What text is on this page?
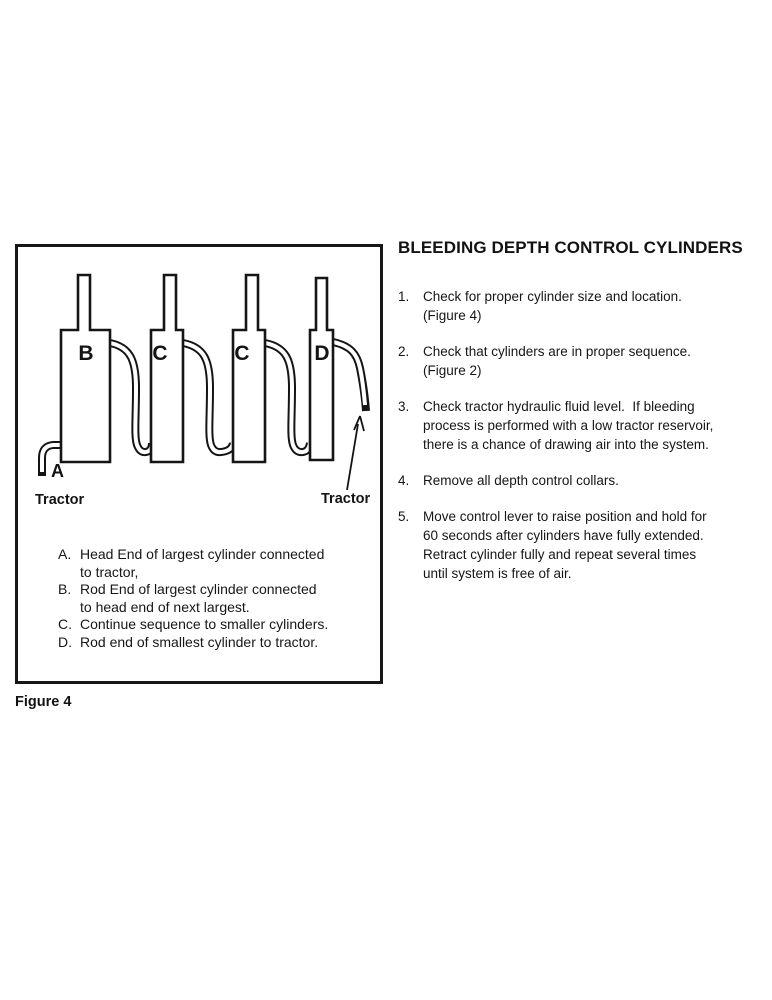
B	C	C	D
A
Tractor	Tractor
A. Head End of largest cylinder connected
to tractor,
B. Rod End of largest cylinder connected
to head end of next largest.
C. Continue sequence to smaller cylinders.
D. Rod end of smallest cylinder to tractor.
Figure 4
BLEEDING DEPTH CONTROL CYLINDERS
1.	Check for proper cylinder size and location.
(Figure 4)
2.	Check that cylinders are in proper sequence.
(Figure 2)
3.	Check tractor hydraulic fluid level.  If bleeding
process is performed with a low tractor reservoir,
there is a chance of drawing air into the system.
4.	Remove all depth control collars.
5.	Move control lever to raise position and hold for
60 seconds after cylinders have fully extended.
Retract cylinder fully and repeat several times
until system is free of air.
